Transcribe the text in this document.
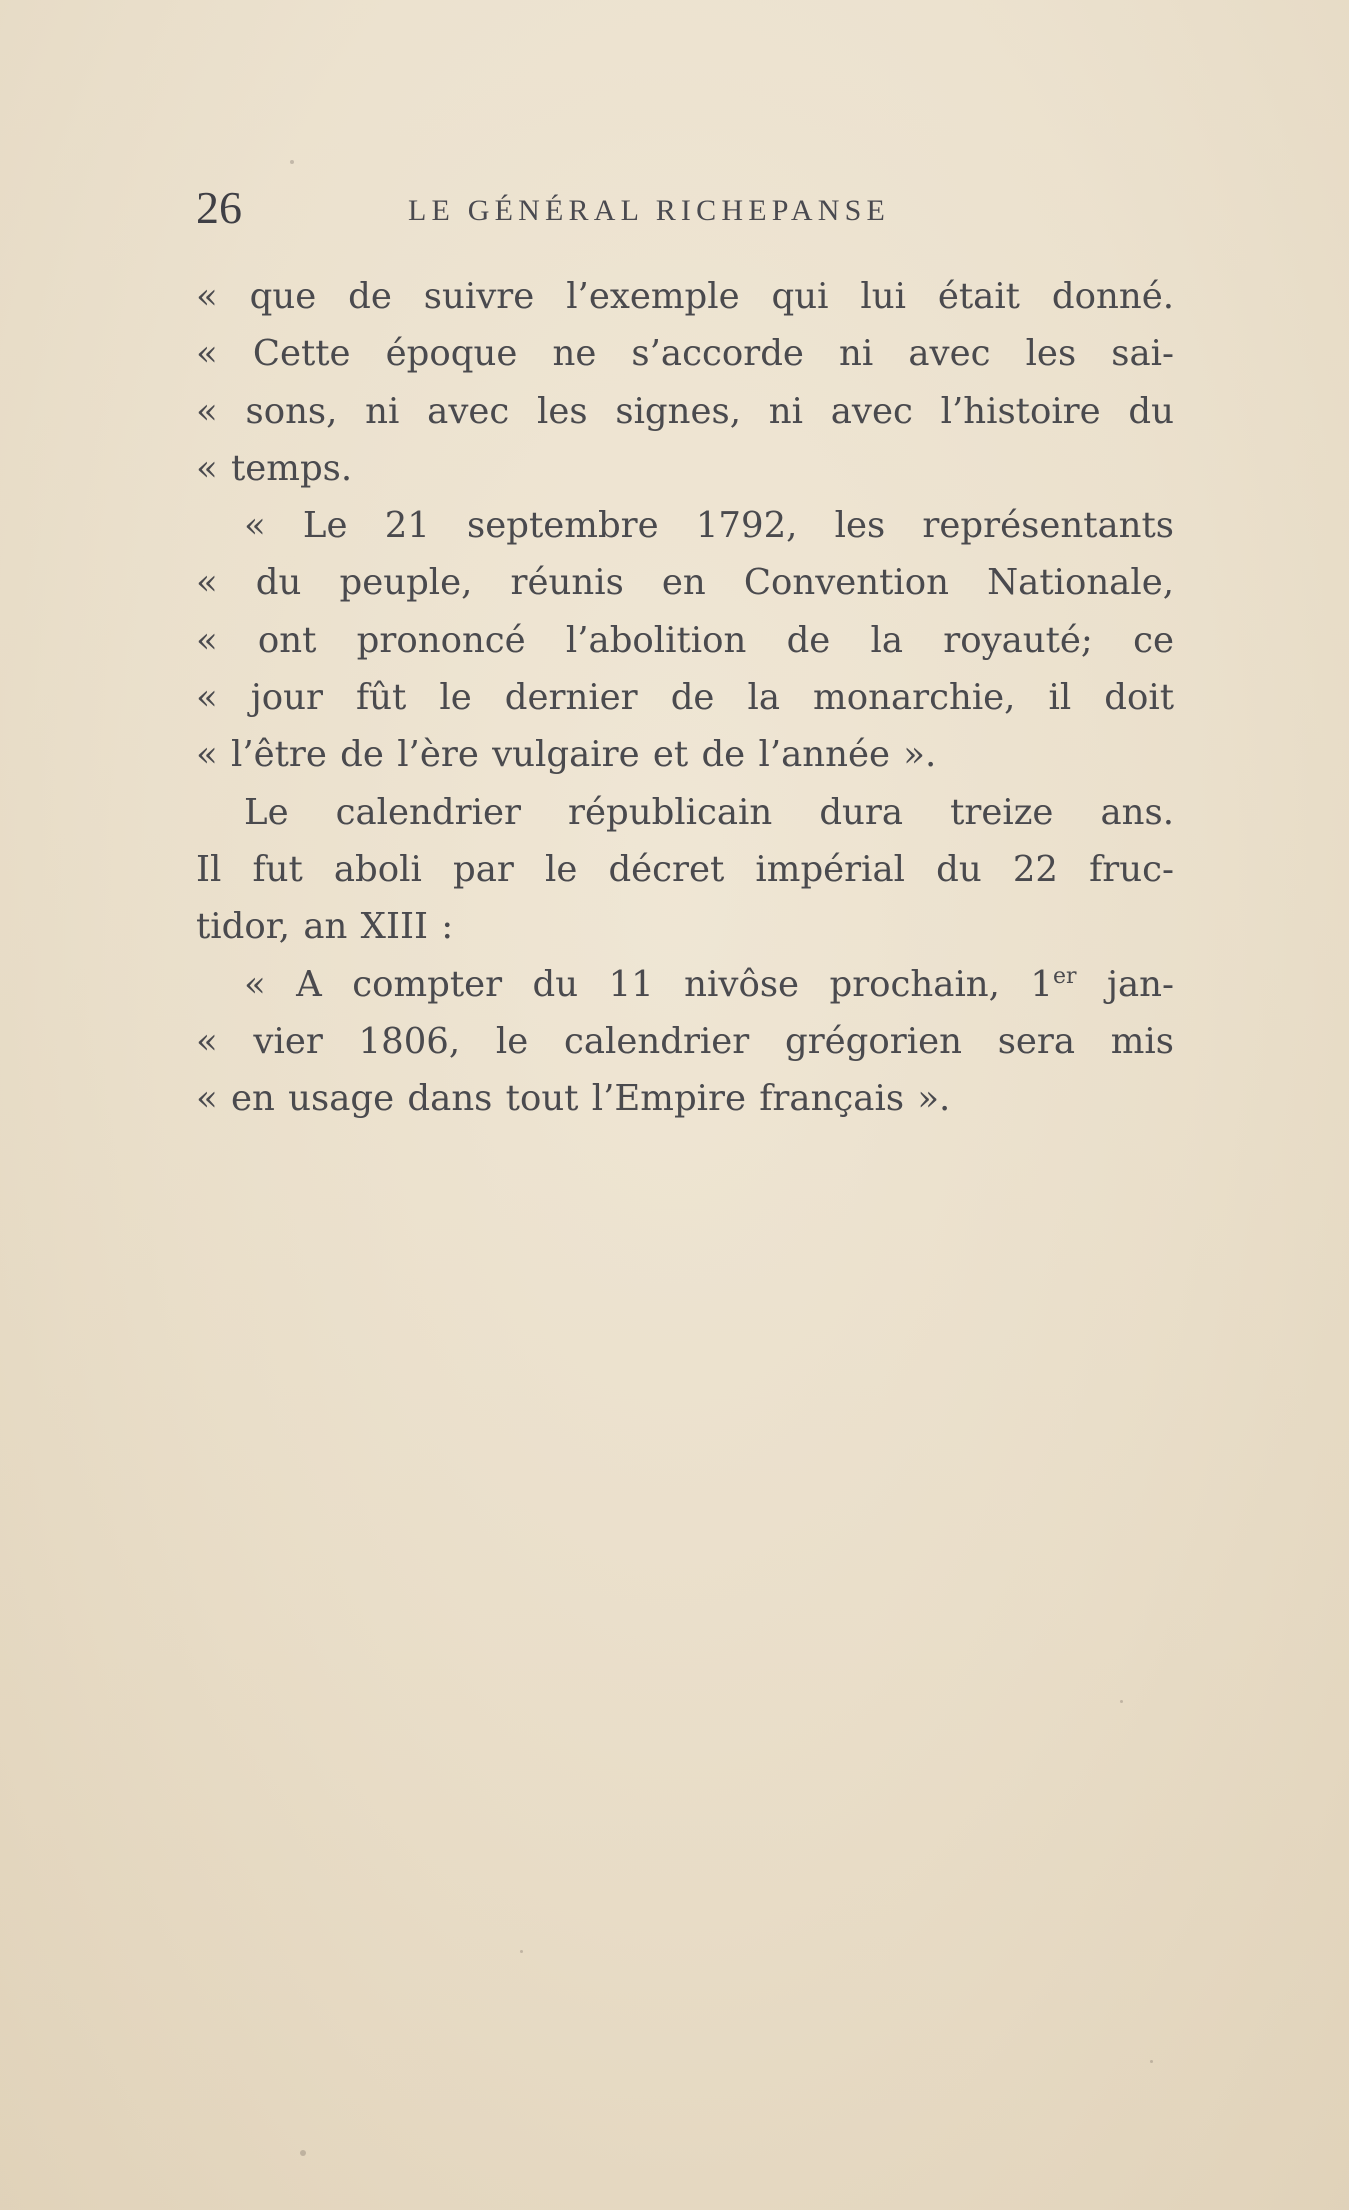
26	LE GÉNÉRAL RICHEPANSE
« que de suivre l’exemple qui lui était donné.
« Cette époque ne s’accorde ni avec les sai-
« sons, ni avec les signes, ni avec l’histoire du
« temps.
« Le 21 septembre 1792, les représentants
« du peuple, réunis en Convention Nationale,
« ont prononcé l’abolition de la royauté; ce
« jour fût le dernier de la monarchie, il doit
« l’être de l’ère vulgaire et de l’année ».
Le calendrier républicain dura treize ans.
Il fut aboli par le décret impérial du 22 fruc-
tidor, an XIII :
« A compter du 11 nivôse prochain, 1er jan-
« vier 1806, le calendrier grégorien sera mis
« en usage dans tout l’Empire français ».
